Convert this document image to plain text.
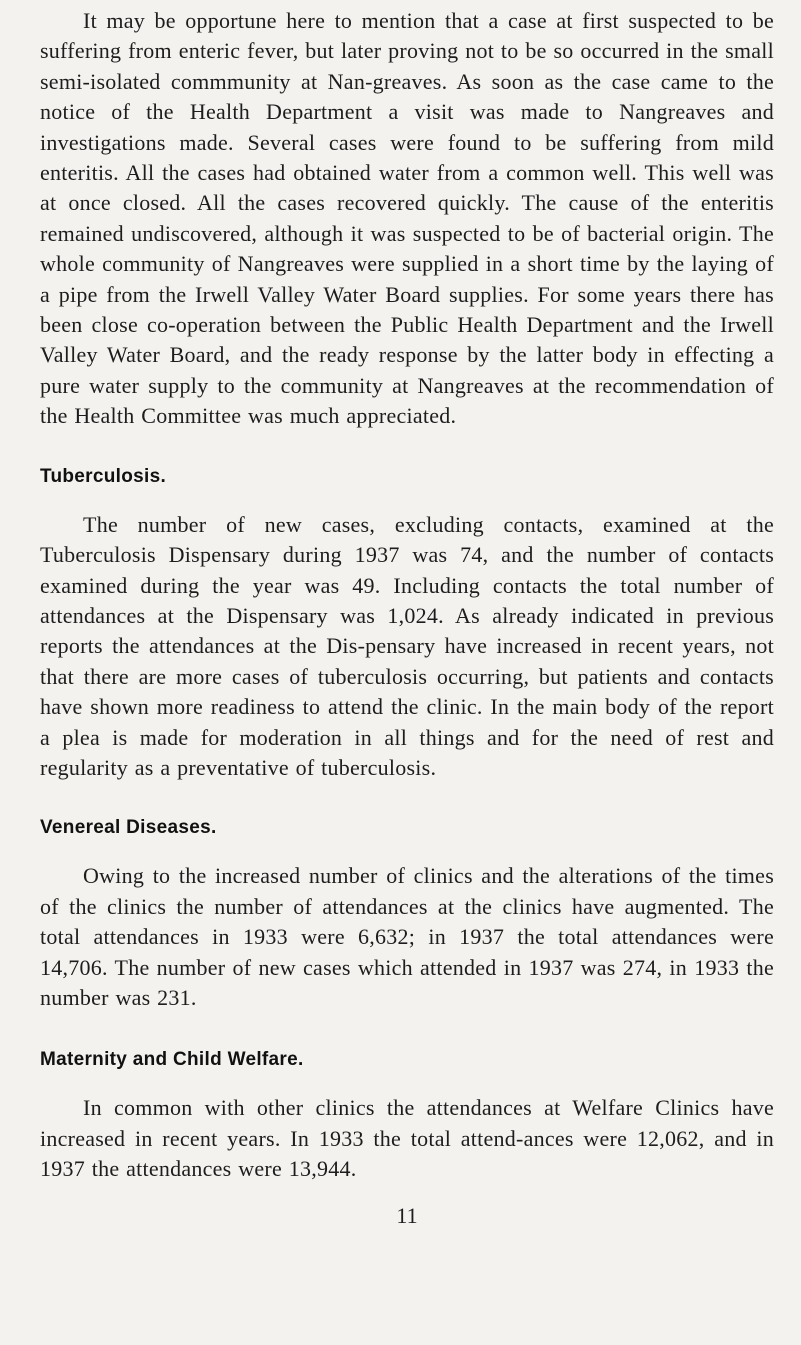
It may be opportune here to mention that a case at first suspected to be suffering from enteric fever, but later proving not to be so occurred in the small semi-isolated commmunity at Nan-greaves. As soon as the case came to the notice of the Health Department a visit was made to Nangreaves and investigations made. Several cases were found to be suffering from mild enteritis. All the cases had obtained water from a common well. This well was at once closed. All the cases recovered quickly. The cause of the enteritis remained undiscovered, although it was suspected to be of bacterial origin. The whole community of Nangreaves were supplied in a short time by the laying of a pipe from the Irwell Valley Water Board supplies. For some years there has been close co-operation between the Public Health Department and the Irwell Valley Water Board, and the ready response by the latter body in effecting a pure water supply to the community at Nangreaves at the recommendation of the Health Committee was much appreciated.

Tuberculosis.

The number of new cases, excluding contacts, examined at the Tuberculosis Dispensary during 1937 was 74, and the number of contacts examined during the year was 49. Including contacts the total number of attendances at the Dispensary was 1,024. As already indicated in previous reports the attendances at the Dis-pensary have increased in recent years, not that there are more cases of tuberculosis occurring, but patients and contacts have shown more readiness to attend the clinic. In the main body of the report a plea is made for moderation in all things and for the need of rest and regularity as a preventative of tuberculosis.

Venereal Diseases.

Owing to the increased number of clinics and the alterations of the times of the clinics the number of attendances at the clinics have augmented. The total attendances in 1933 were 6,632; in 1937 the total attendances were 14,706. The number of new cases which attended in 1937 was 274, in 1933 the number was 231.

Maternity and Child Welfare.

In common with other clinics the attendances at Welfare Clinics have increased in recent years. In 1933 the total attend-ances were 12,062, and in 1937 the attendances were 13,944.

11
